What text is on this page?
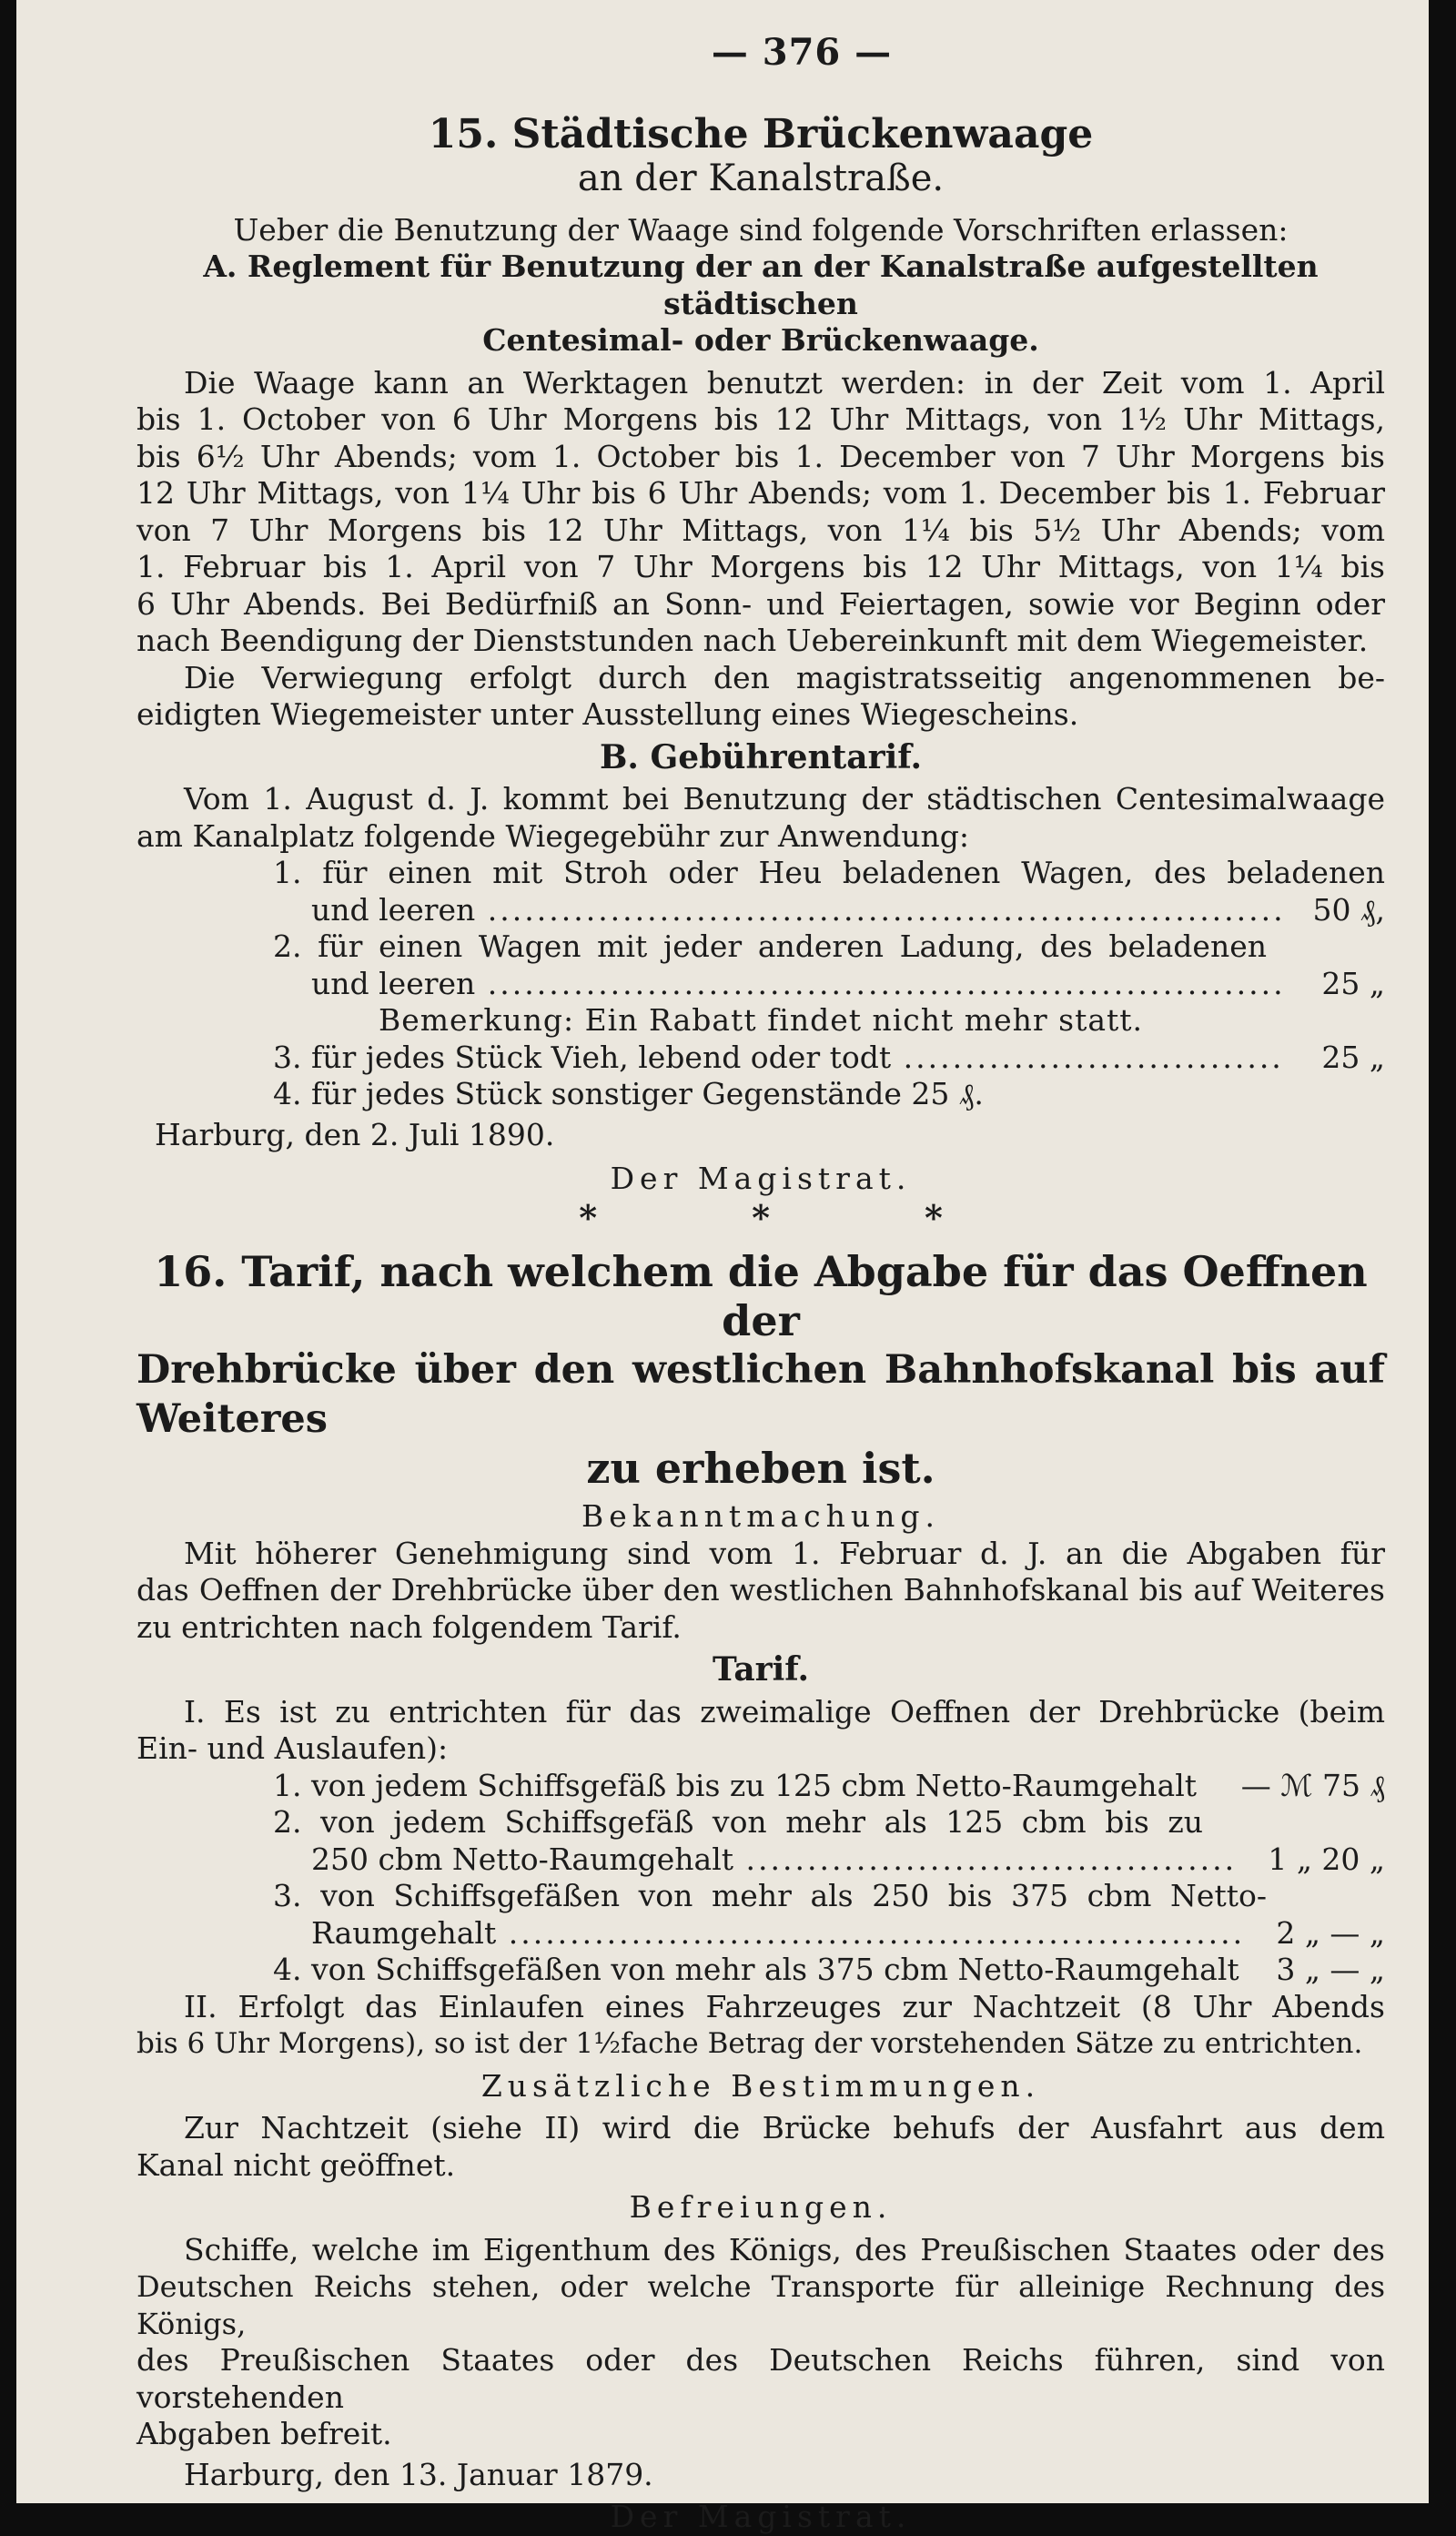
— 376 —
15. Städtische Brückenwaage
an der Kanalstraße.
Ueber die Benutzung der Waage sind folgende Vorschriften erlassen:
A. Reglement für Benutzung der an der Kanalstraße aufgestellten städtischen
Centesimal- oder Brückenwaage.
Die Waage kann an Werktagen benutzt werden: in der Zeit vom 1. April
bis 1. October von 6 Uhr Morgens bis 12 Uhr Mittags, von 1½ Uhr Mittags,
bis 6½ Uhr Abends; vom 1. October bis 1. December von 7 Uhr Morgens bis
12 Uhr Mittags, von 1¼ Uhr bis 6 Uhr Abends; vom 1. December bis 1. Februar
von 7 Uhr Morgens bis 12 Uhr Mittags, von 1¼ bis 5½ Uhr Abends; vom
1. Februar bis 1. April von 7 Uhr Morgens bis 12 Uhr Mittags, von 1¼ bis
6 Uhr Abends. Bei Bedürfniß an Sonn- und Feiertagen, sowie vor Beginn oder
nach Beendigung der Dienststunden nach Uebereinkunft mit dem Wiegemeister.
Die Verwiegung erfolgt durch den magistratsseitig angenommenen be-
eidigten Wiegemeister unter Ausstellung eines Wiegescheins.
B. Gebührentarif.
Vom 1. August d. J. kommt bei Benutzung der städtischen Centesimalwaage
am Kanalplatz folgende Wiegegebühr zur Anwendung:
1. für einen mit Stroh oder Heu beladenen Wagen, des beladenen
und leeren .....	50 ₰,
2. für einen Wagen mit jeder anderen Ladung, des beladenen
und leeren .....	25 „
Bemerkung: Ein Rabatt findet nicht mehr statt.
3. für jedes Stück Vieh, lebend oder todt .....	25 „
4. für jedes Stück sonstiger Gegenstände 25 ₰.
Harburg, den 2. Juli 1890.
Der Magistrat.
*	*	*
16. Tarif, nach welchem die Abgabe für das Oeffnen der
Drehbrücke über den westlichen Bahnhofskanal bis auf Weiteres
zu erheben ist.
Bekanntmachung.
Mit höherer Genehmigung sind vom 1. Februar d. J. an die Abgaben für
das Oeffnen der Drehbrücke über den westlichen Bahnhofskanal bis auf Weiteres
zu entrichten nach folgendem Tarif.
Tarif.
I. Es ist zu entrichten für das zweimalige Oeffnen der Drehbrücke (beim
Ein- und Auslaufen):
1. von jedem Schiffsgefäß bis zu 125 cbm Netto-Raumgehalt	— ℳ 75 ₰
2. von jedem Schiffsgefäß von mehr als 125 cbm bis zu
250 cbm Netto-Raumgehalt .....	1 „ 20 „
3. von Schiffsgefäßen von mehr als 250 bis 375 cbm Netto-
Raumgehalt .....	2 „ — „
4. von Schiffsgefäßen von mehr als 375 cbm Netto-Raumgehalt	3 „ — „
II. Erfolgt das Einlaufen eines Fahrzeuges zur Nachtzeit (8 Uhr Abends
bis 6 Uhr Morgens), so ist der 1½fache Betrag der vorstehenden Sätze zu entrichten.
Zusätzliche Bestimmungen.
Zur Nachtzeit (siehe II) wird die Brücke behufs der Ausfahrt aus dem
Kanal nicht geöffnet.
Befreiungen.
Schiffe, welche im Eigenthum des Königs, des Preußischen Staates oder des
Deutschen Reichs stehen, oder welche Transporte für alleinige Rechnung des Königs,
des Preußischen Staates oder des Deutschen Reichs führen, sind von vorstehenden
Abgaben befreit.
Harburg, den 13. Januar 1879.
Der Magistrat.
